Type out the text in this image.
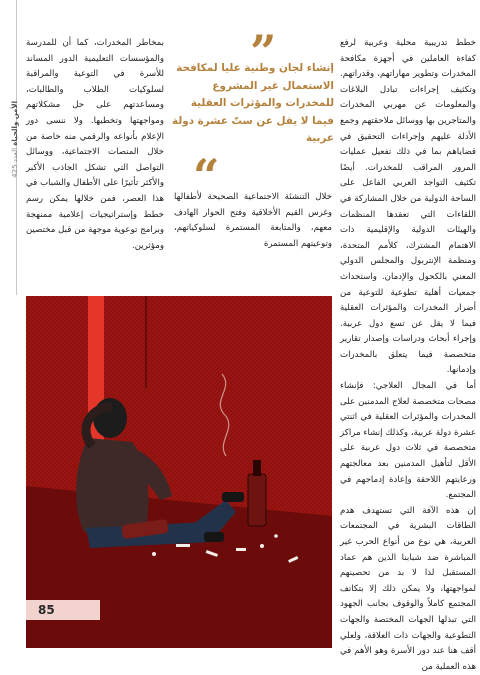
الأمن والحياة العدد 425

بمخاطر المخدرات، كما أن للمدرسة والمؤسسات التعليمية الدور المساند للأسرة في التوعية والمراقبة لسلوكيات الطلاب والطالبات، ومساعدتهم على حل مشكلاتهم ومواجهتها وتخطيها. ولا ننسى دور الإعلام بأنواعه والرقمي منه خاصة من خلال المنصات الاجتماعية، ووسائل التواصل التي تشكل الجاذب الأكبر والأكثر تأثيرًا على الأطفال والشباب في هذا العصر، فمن خلالها يمكن رسم خطط وإستراتيجيات إعلامية ممنهجة وبرامج توعوية موجهة من قبل مختصين ومؤثرين.

”
إنشاء لجان وطنية عليا لمكافحة الاستعمال غير المشروع للمخدرات والمؤثرات العقلية فيما لا يقل عن ستّ عشرة دولة عربية
“

خلال التنشئة الاجتماعية الصحيحة لأطفالها وغرس القيم الأخلاقية وفتح الحوار الهادف معهم، والمتابعة المستمرة لسلوكياتهم، وتوعيتهم المستمرة

خطط تدريبية محلية وعربية لرفع كفاءة العاملين في أجهزة مكافحة المخدرات وتطوير مهاراتهم، وقدراتهم. وتكثيف إجراءات تبادل البلاغات والمعلومات عن مهربي المخدرات والمتاجرين بها ووسائل ملاحقتهم وجمع الأدلة عليهم وإجراءات التحقيق في قضاياهم بما في ذلك تفعيل عمليات المرور المراقب للمخدرات. أيضًا تكثيف التواجد العربي الفاعل على الساحة الدولية من خلال المشاركة في اللقاءات التي تعقدها المنظمات والهيئات الدولية والإقليمية ذات الاهتمام المشترك، كلأمم المتحدة، ومنظمة الإنتربول والمجلس الدولي المعني بالكحول والإدمان. واستحداث جمعيات أهلية تطوعية للتوعية من أضرار المخدرات والمؤثرات العقلية فيما لا يقل عن تسع دول عربية. وإجراء أبحاث ودراسات وإصدار تقارير متخصصة فيما يتعلق بالمخدرات وإدمانها.

أما في المجال العلاجي: فإنشاء مصحات متخصصة لعلاج المدمنين على المخدرات والمؤثرات العقلية في اثنتي عشرة دولة عربية، وكذلك إنشاء مراكز متخصصة في ثلاث دول عربية على الأقل لتأهيل المدمنين بعد معالجتهم ورعايتهم اللاحقة وإعادة إدماجهم في المجتمع.

إن هذه الآفة التي تستهدف هدم الطاقات البشرية في المجتمعات العربية، هي نوع من أنواع الحرب غير المباشرة ضد شبابنا الذين هم عماد المستقبل لذا لا بد من تحصينهم لمواجهتها، ولا يمكن ذلك إلا بتكاتف المجتمع كاملاً والوقوف بجانب الجهود التي تبذلها الجهات المختصة والجهات التطوعية والجهات ذات العلاقة، ولعلي أقف هنا عند دور الأسرة وهو الأهم في هذه العملية من

85
